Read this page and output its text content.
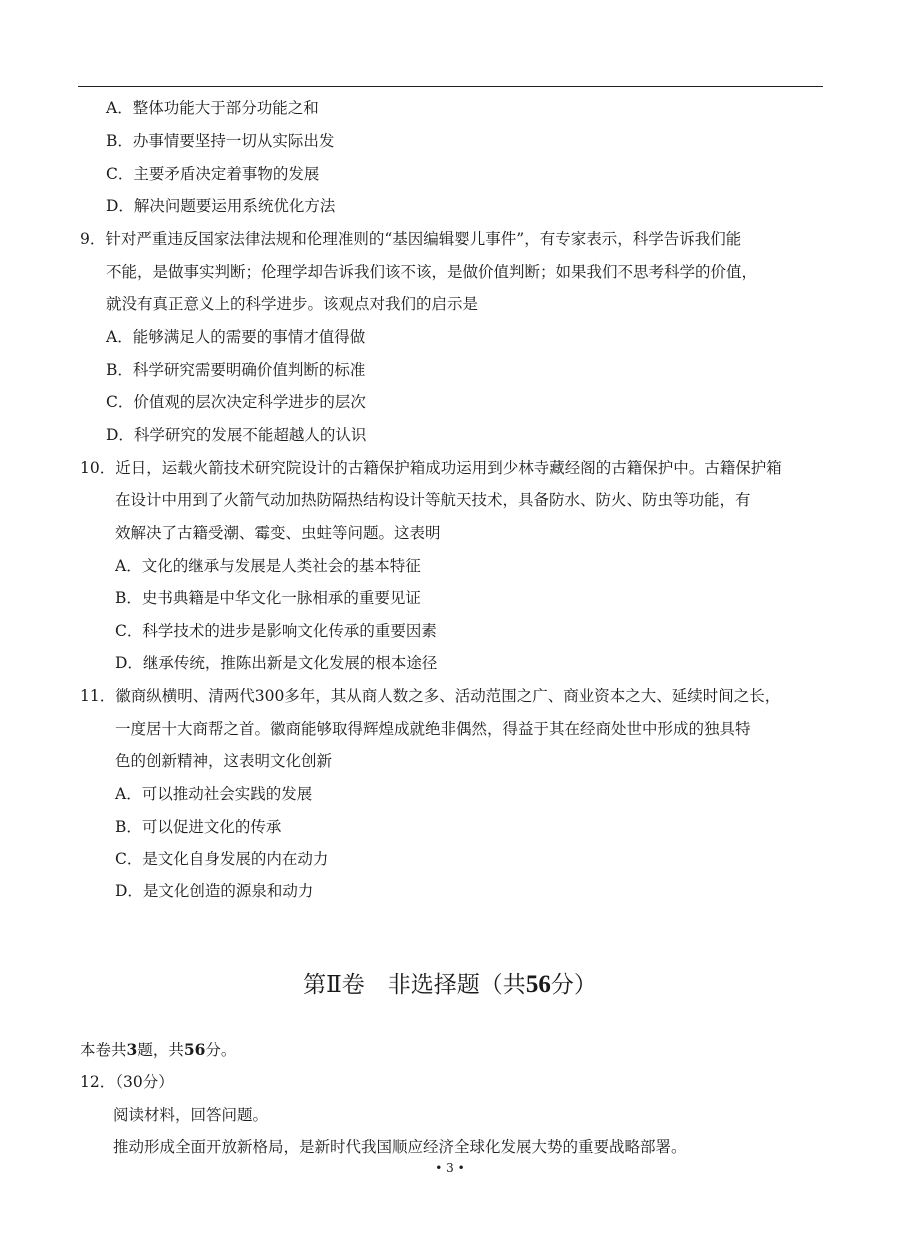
A．整体功能大于部分功能之和
B．办事情要坚持一切从实际出发
C．主要矛盾决定着事物的发展
D．解决问题要运用系统优化方法
9．针对严重违反国家法律法规和伦理准则的“基因编辑婴儿事件”，有专家表示，科学告诉我们能
不能，是做事实判断；伦理学却告诉我们该不该，是做价值判断；如果我们不思考科学的价值，
就没有真正意义上的科学进步。该观点对我们的启示是
A．能够满足人的需要的事情才值得做
B．科学研究需要明确价值判断的标准
C．价值观的层次决定科学进步的层次
D．科学研究的发展不能超越人的认识
10．近日，运载火箭技术研究院设计的古籍保护箱成功运用到少林寺藏经阁的古籍保护中。古籍保护箱
在设计中用到了火箭气动加热防隔热结构设计等航天技术，具备防水、防火、防虫等功能，有
效解决了古籍受潮、霉变、虫蛀等问题。这表明
A．文化的继承与发展是人类社会的基本特征
B．史书典籍是中华文化一脉相承的重要见证
C．科学技术的进步是影响文化传承的重要因素
D．继承传统，推陈出新是文化发展的根本途径
11．徽商纵横明、清两代300多年，其从商人数之多、活动范围之广、商业资本之大、延续时间之长，
一度居十大商帮之首。徽商能够取得辉煌成就绝非偶然，得益于其在经商处世中形成的独具特
色的创新精神，这表明文化创新
A．可以推动社会实践的发展
B．可以促进文化的传承
C．是文化自身发展的内在动力
D．是文化创造的源泉和动力
第Ⅱ卷　非选择题（共56分）
本卷共3题，共56分。
12．（30分）
阅读材料，回答问题。
推动形成全面开放新格局，是新时代我国顺应经济全球化发展大势的重要战略部署。
• 3 •
